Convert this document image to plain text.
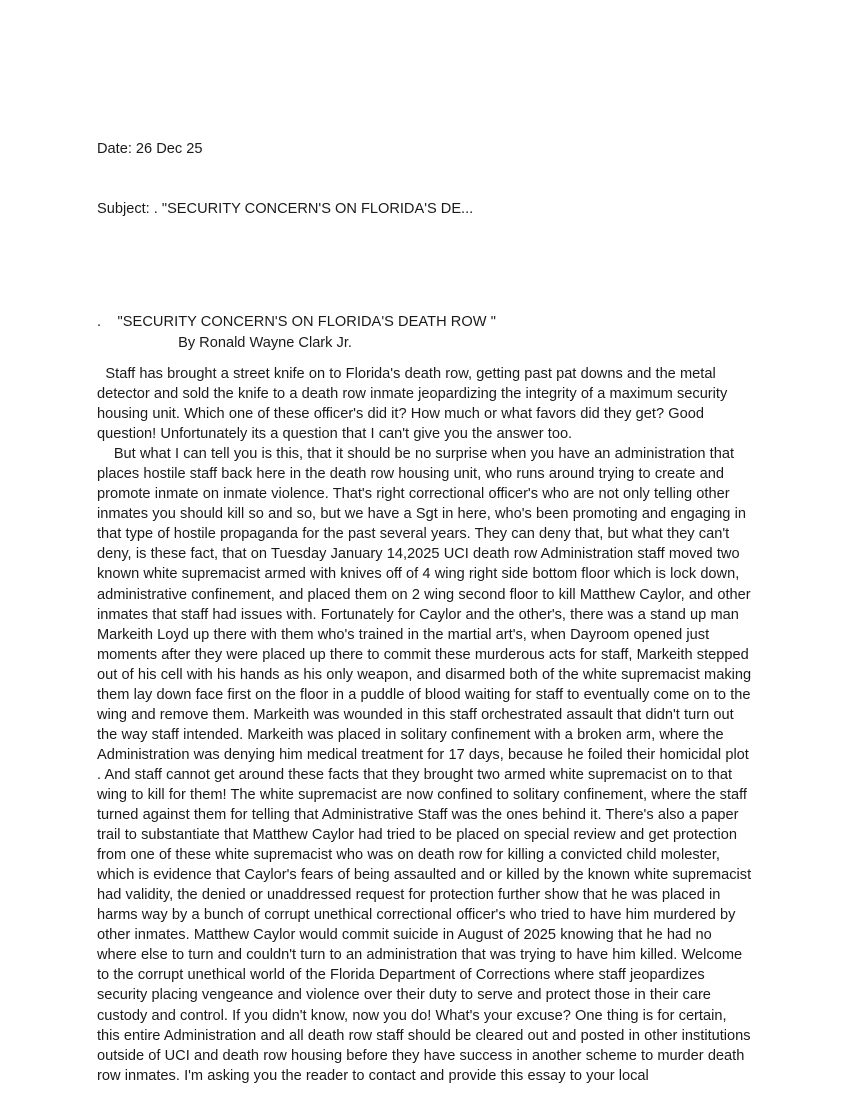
Date: 26 Dec 25

Subject: . "SECURITY CONCERN'S ON FLORIDA'S DE...

.    "SECURITY CONCERN'S ON FLORIDA'S DEATH ROW "
By Ronald Wayne Clark Jr.

Staff has brought a street knife on to Florida's death row, getting past pat downs and the metal detector and sold the knife to a death row inmate jeopardizing the integrity of a maximum security housing unit. Which one of these officer's did it? How much or what favors did they get? Good question! Unfortunately its a question that I can't give you the answer too.

But what I can tell you is this, that it should be no surprise when you have an administration that places hostile staff back here in the death row housing unit, who runs around trying to create and promote inmate on inmate violence. That's right correctional officer's who are not only telling other inmates you should kill so and so, but we have a Sgt in here, who's been promoting and engaging in that type of hostile propaganda for the past several years. They can deny that, but what they can't deny, is these fact, that on Tuesday January 14,2025 UCI death row Administration staff moved two known white supremacist armed with knives off of 4 wing right side bottom floor which is lock down, administrative confinement, and placed them on 2 wing second floor to kill Matthew Caylor, and other inmates that staff had issues with. Fortunately for Caylor and the other's, there was a stand up man Markeith Loyd up there with them who's trained in the martial art's, when Dayroom opened just moments after they were placed up there to commit these murderous acts for staff, Markeith stepped out of his cell with his hands as his only weapon, and disarmed both of the white supremacist making them lay down face first on the floor in a puddle of blood waiting for staff to eventually come on to the wing and remove them. Markeith was wounded in this staff orchestrated assault that didn't turn out the way staff intended. Markeith was placed in solitary confinement with a broken arm, where the Administration was denying him medical treatment for 17 days, because he foiled their homicidal plot . And staff cannot get around these facts that they brought two armed white supremacist on to that wing to kill for them! The white supremacist are now confined to solitary confinement, where the staff turned against them for telling that Administrative Staff was the ones behind it. There's also a paper trail to substantiate that Matthew Caylor had tried to be placed on special review and get protection from one of these white supremacist who was on death row for killing a convicted child molester, which is evidence that Caylor's fears of being assaulted and or killed by the known white supremacist had validity, the denied or unaddressed request for protection further show that he was placed in harms way by a bunch of corrupt unethical correctional officer's who tried to have him murdered by other inmates. Matthew Caylor would commit suicide in August of 2025 knowing that he had no where else to turn and couldn't turn to an administration that was trying to have him killed. Welcome to the corrupt unethical world of the Florida Department of Corrections where staff jeopardizes security placing vengeance and violence over their duty to serve and protect those in their care custody and control. If you didn't know, now you do! What's your excuse? One thing is for certain, this entire Administration and all death row staff should be cleared out and posted in other institutions outside of UCI and death row housing before they have success in another scheme to murder death row inmates. I'm asking you the reader to contact and provide this essay to your local
